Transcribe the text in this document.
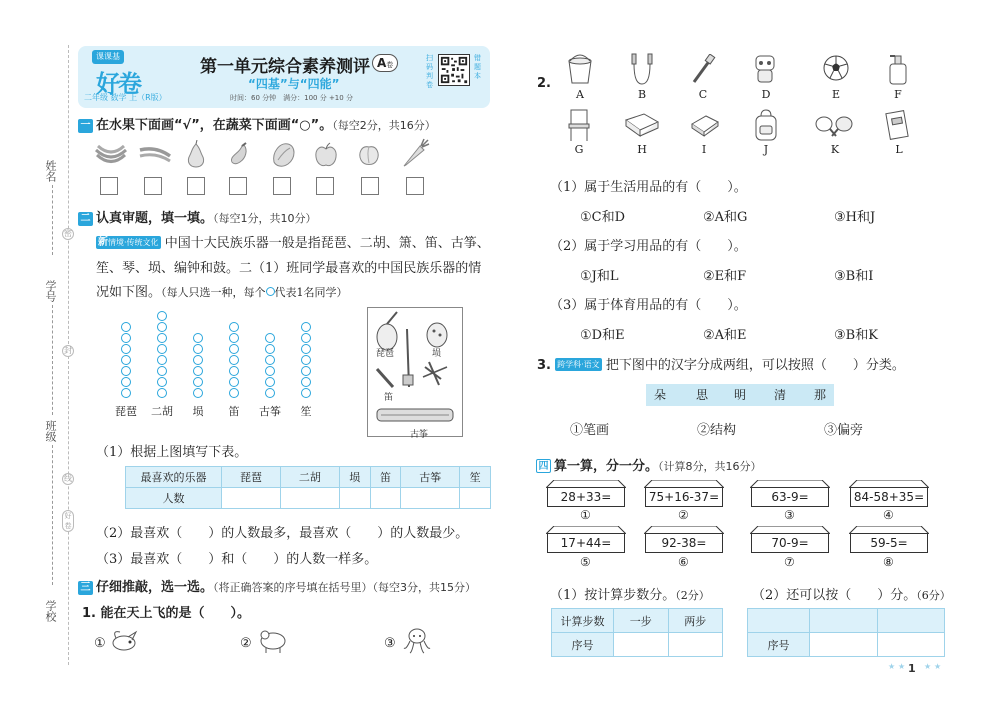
姓名
学号
班级
学校
密
封
线
好卷
课课基
好卷
二年级 数学 上（R版）
第一单元综合素养测评 A卷
“四基”与“四能”
时间：60 分钟　满分：100 分 +10 分
扫码判卷
错题本
一 在水果下面画“√”，在蔬菜下面画“○”。（每空2分，共16分）
二 认真审题，填一填。（每空1分，共10分）
新情境·传统文化 中国十大民族乐器一般是指琵琶、二胡、箫、笛、古筝、
笙、琴、埙、编钟和鼓。二（1）班同学最喜欢的中国民族乐器的情
况如下图。（每人只选一种，每个 代表1名同学）
琵琶	二胡	埙	笛	古筝	笙
琵琶	埙
笛
古筝
（1）根据上图填写下表。
最喜欢的乐器	琵琶	二胡	埙	笛	古筝	笙
人数						
（2）最喜欢（　　）的人数最多，最喜欢（　　）的人数最少。
（3）最喜欢（　　）和（　　）的人数一样多。
三 仔细推敲，选一选。（将正确答案的序号填在括号里）（每空3分，共15分）
1. 能在天上飞的是（　　）。
①	②	③
2.
A	B	C	D	E	F
G	H	I	J	K	L
（1）属于生活用品的有（　　）。
①C和D	②A和G	③H和J
（2）属于学习用品的有（　　）。
①J和L	②E和F	③B和I
（3）属于体育用品的有（　　）。
①D和E	②A和E	③B和K
3. 跨学科·语文 把下图中的汉字分成两组，可以按照（　　）分类。
朵 思 明 清 那
①笔画	②结构	③偏旁
四 算一算，分一分。（计算8分，共16分）
28+33=
①
75+16-37=
②
63-9=
③
84-58+35=
④
17+44=
⑤
92-38=
⑥
70-9=
⑦
59-5=
⑧
（1）按计算步数分。（2分）	（2）还可以按（　　）分。（6分）
计算步数	一步	两步
序号		
			序号		
★ ★ 1 ★ ★
